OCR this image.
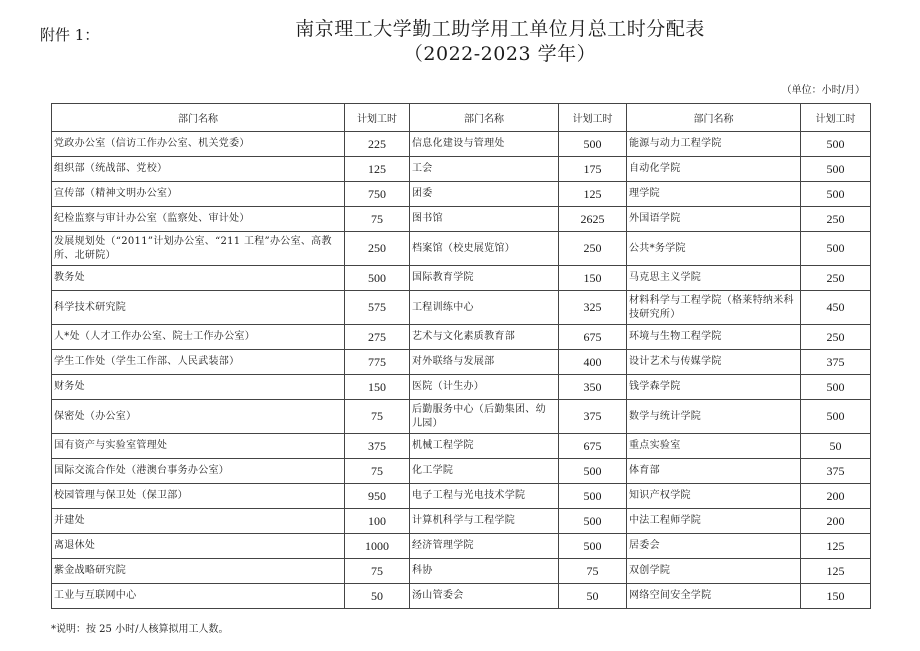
附件 1：	南京理工大学勤工助学用工单位月总工时分配表
（2022-2023 学年）
（单位：小时/月）
部门名称	计划工时	部门名称	计划工时	部门名称	计划工时
党政办公室（信访工作办公室、机关党委）	225	信息化建设与管理处	500	能源与动力工程学院	500
组织部（统战部、党校）	125	工会	175	自动化学院	500
宣传部（精神文明办公室）	750	团委	125	理学院	500
纪检监察与审计办公室（监察处、审计处）	75	图书馆	2625	外国语学院	250
发展规划处（“2011”计划办公室、“211 工程”办公室、高教所、北研院）	250	档案馆（校史展览馆）	250	公共*务学院	500
教务处	500	国际教育学院	150	马克思主义学院	250
科学技术研究院	575	工程训练中心	325	材料科学与工程学院（格莱特纳米科技研究所）	450
人*处（人才工作办公室、院士工作办公室）	275	艺术与文化素质教育部	675	环境与生物工程学院	250
学生工作处（学生工作部、人民武装部）	775	对外联络与发展部	400	设计艺术与传媒学院	375
财务处	150	医院（计生办）	350	钱学森学院	500
保密处（办公室）	75	后勤服务中心（后勤集团、幼儿园）	375	数学与统计学院	500
国有资产与实验室管理处	375	机械工程学院	675	重点实验室	50
国际交流合作处（港澳台事务办公室）	75	化工学院	500	体育部	375
校园管理与保卫处（保卫部）	950	电子工程与光电技术学院	500	知识产权学院	200
并建处	100	计算机科学与工程学院	500	中法工程师学院	200
离退休处	1000	经济管理学院	500	居委会	125
紫金战略研究院	75	科协	75	双创学院	125
工业与互联网中心	50	汤山管委会	50	网络空间安全学院	150
*说明：按 25 小时/人核算拟用工人数。
